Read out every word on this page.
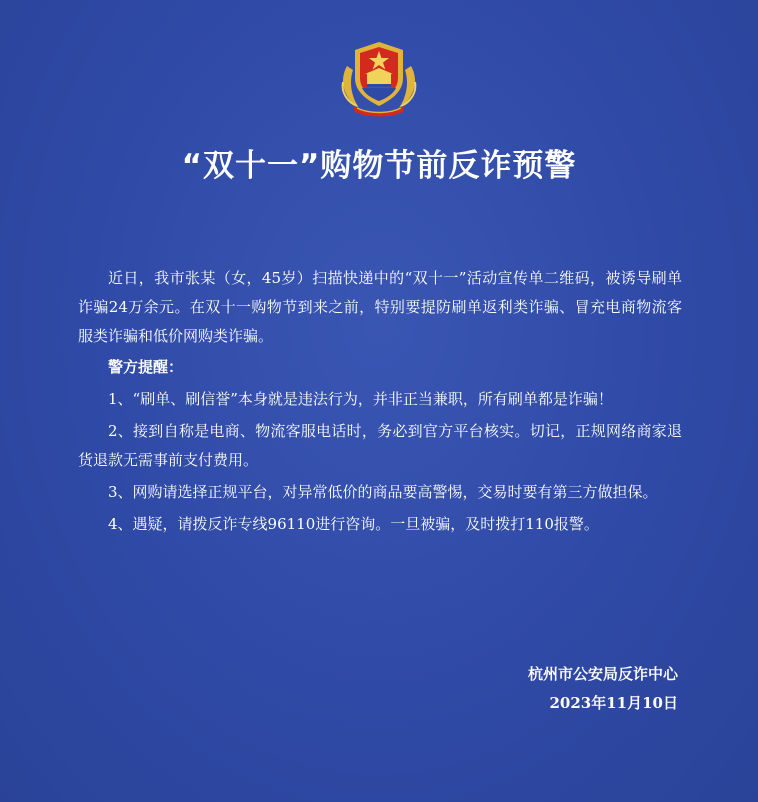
“双十一”购物节前反诈预警

近日，我市张某（女，45岁）扫描快递中的“双十一”活动宣传单二维码，被诱导刷单诈骗24万余元。在双十一购物节到来之前，特别要提防刷单返利类诈骗、冒充电商物流客服类诈骗和低价网购类诈骗。

警方提醒：

1、“刷单、刷信誉”本身就是违法行为，并非正当兼职，所有刷单都是诈骗！

2、接到自称是电商、物流客服电话时，务必到官方平台核实。切记，正规网络商家退货退款无需事前支付费用。

3、网购请选择正规平台，对异常低价的商品要高警惕，交易时要有第三方做担保。

4、遇疑，请拨反诈专线96110进行咨询。一旦被骗，及时拨打110报警。

杭州市公安局反诈中心
2023年11月10日
